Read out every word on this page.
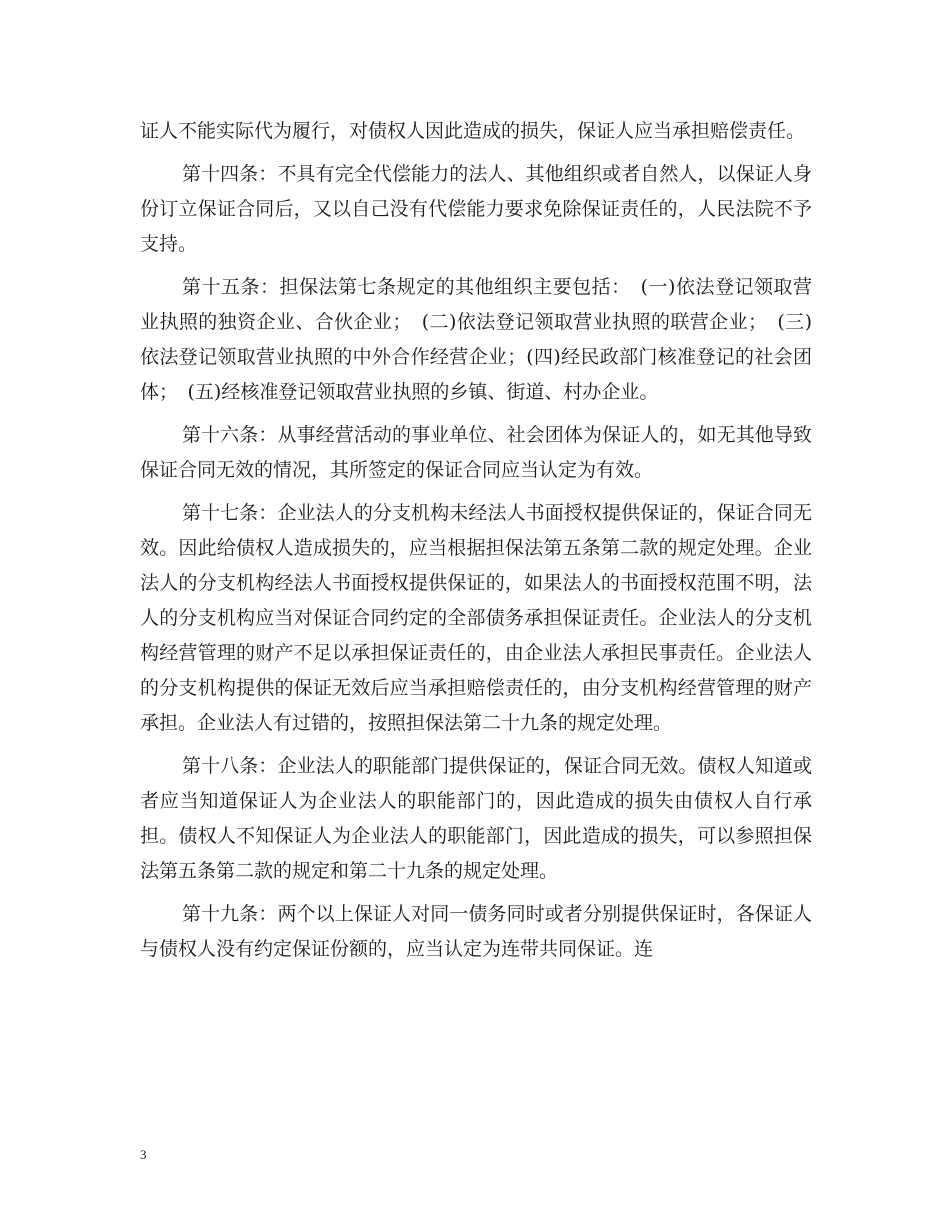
证人不能实际代为履行，对债权人因此造成的损失，保证人应当承担赔偿责任。

第十四条：不具有完全代偿能力的法人、其他组织或者自然人，以保证人身份订立保证合同后，又以自己没有代偿能力要求免除保证责任的，人民法院不予支持。

第十五条：担保法第七条规定的其他组织主要包括：　(一)依法登记领取营业执照的独资企业、合伙企业；　(二)依法登记领取营业执照的联营企业；　(三)依法登记领取营业执照的中外合作经营企业；(四)经民政部门核准登记的社会团体；　(五)经核准登记领取营业执照的乡镇、街道、村办企业。

第十六条：从事经营活动的事业单位、社会团体为保证人的，如无其他导致保证合同无效的情况，其所签定的保证合同应当认定为有效。

第十七条：企业法人的分支机构未经法人书面授权提供保证的，保证合同无效。因此给债权人造成损失的，应当根据担保法第五条第二款的规定处理。企业法人的分支机构经法人书面授权提供保证的，如果法人的书面授权范围不明，法人的分支机构应当对保证合同约定的全部债务承担保证责任。企业法人的分支机构经营管理的财产不足以承担保证责任的，由企业法人承担民事责任。企业法人的分支机构提供的保证无效后应当承担赔偿责任的，由分支机构经营管理的财产承担。企业法人有过错的，按照担保法第二十九条的规定处理。

第十八条：企业法人的职能部门提供保证的，保证合同无效。债权人知道或者应当知道保证人为企业法人的职能部门的，因此造成的损失由债权人自行承担。债权人不知保证人为企业法人的职能部门，因此造成的损失，可以参照担保法第五条第二款的规定和第二十九条的规定处理。

第十九条：两个以上保证人对同一债务同时或者分别提供保证时，各保证人与债权人没有约定保证份额的，应当认定为连带共同保证。连

3
